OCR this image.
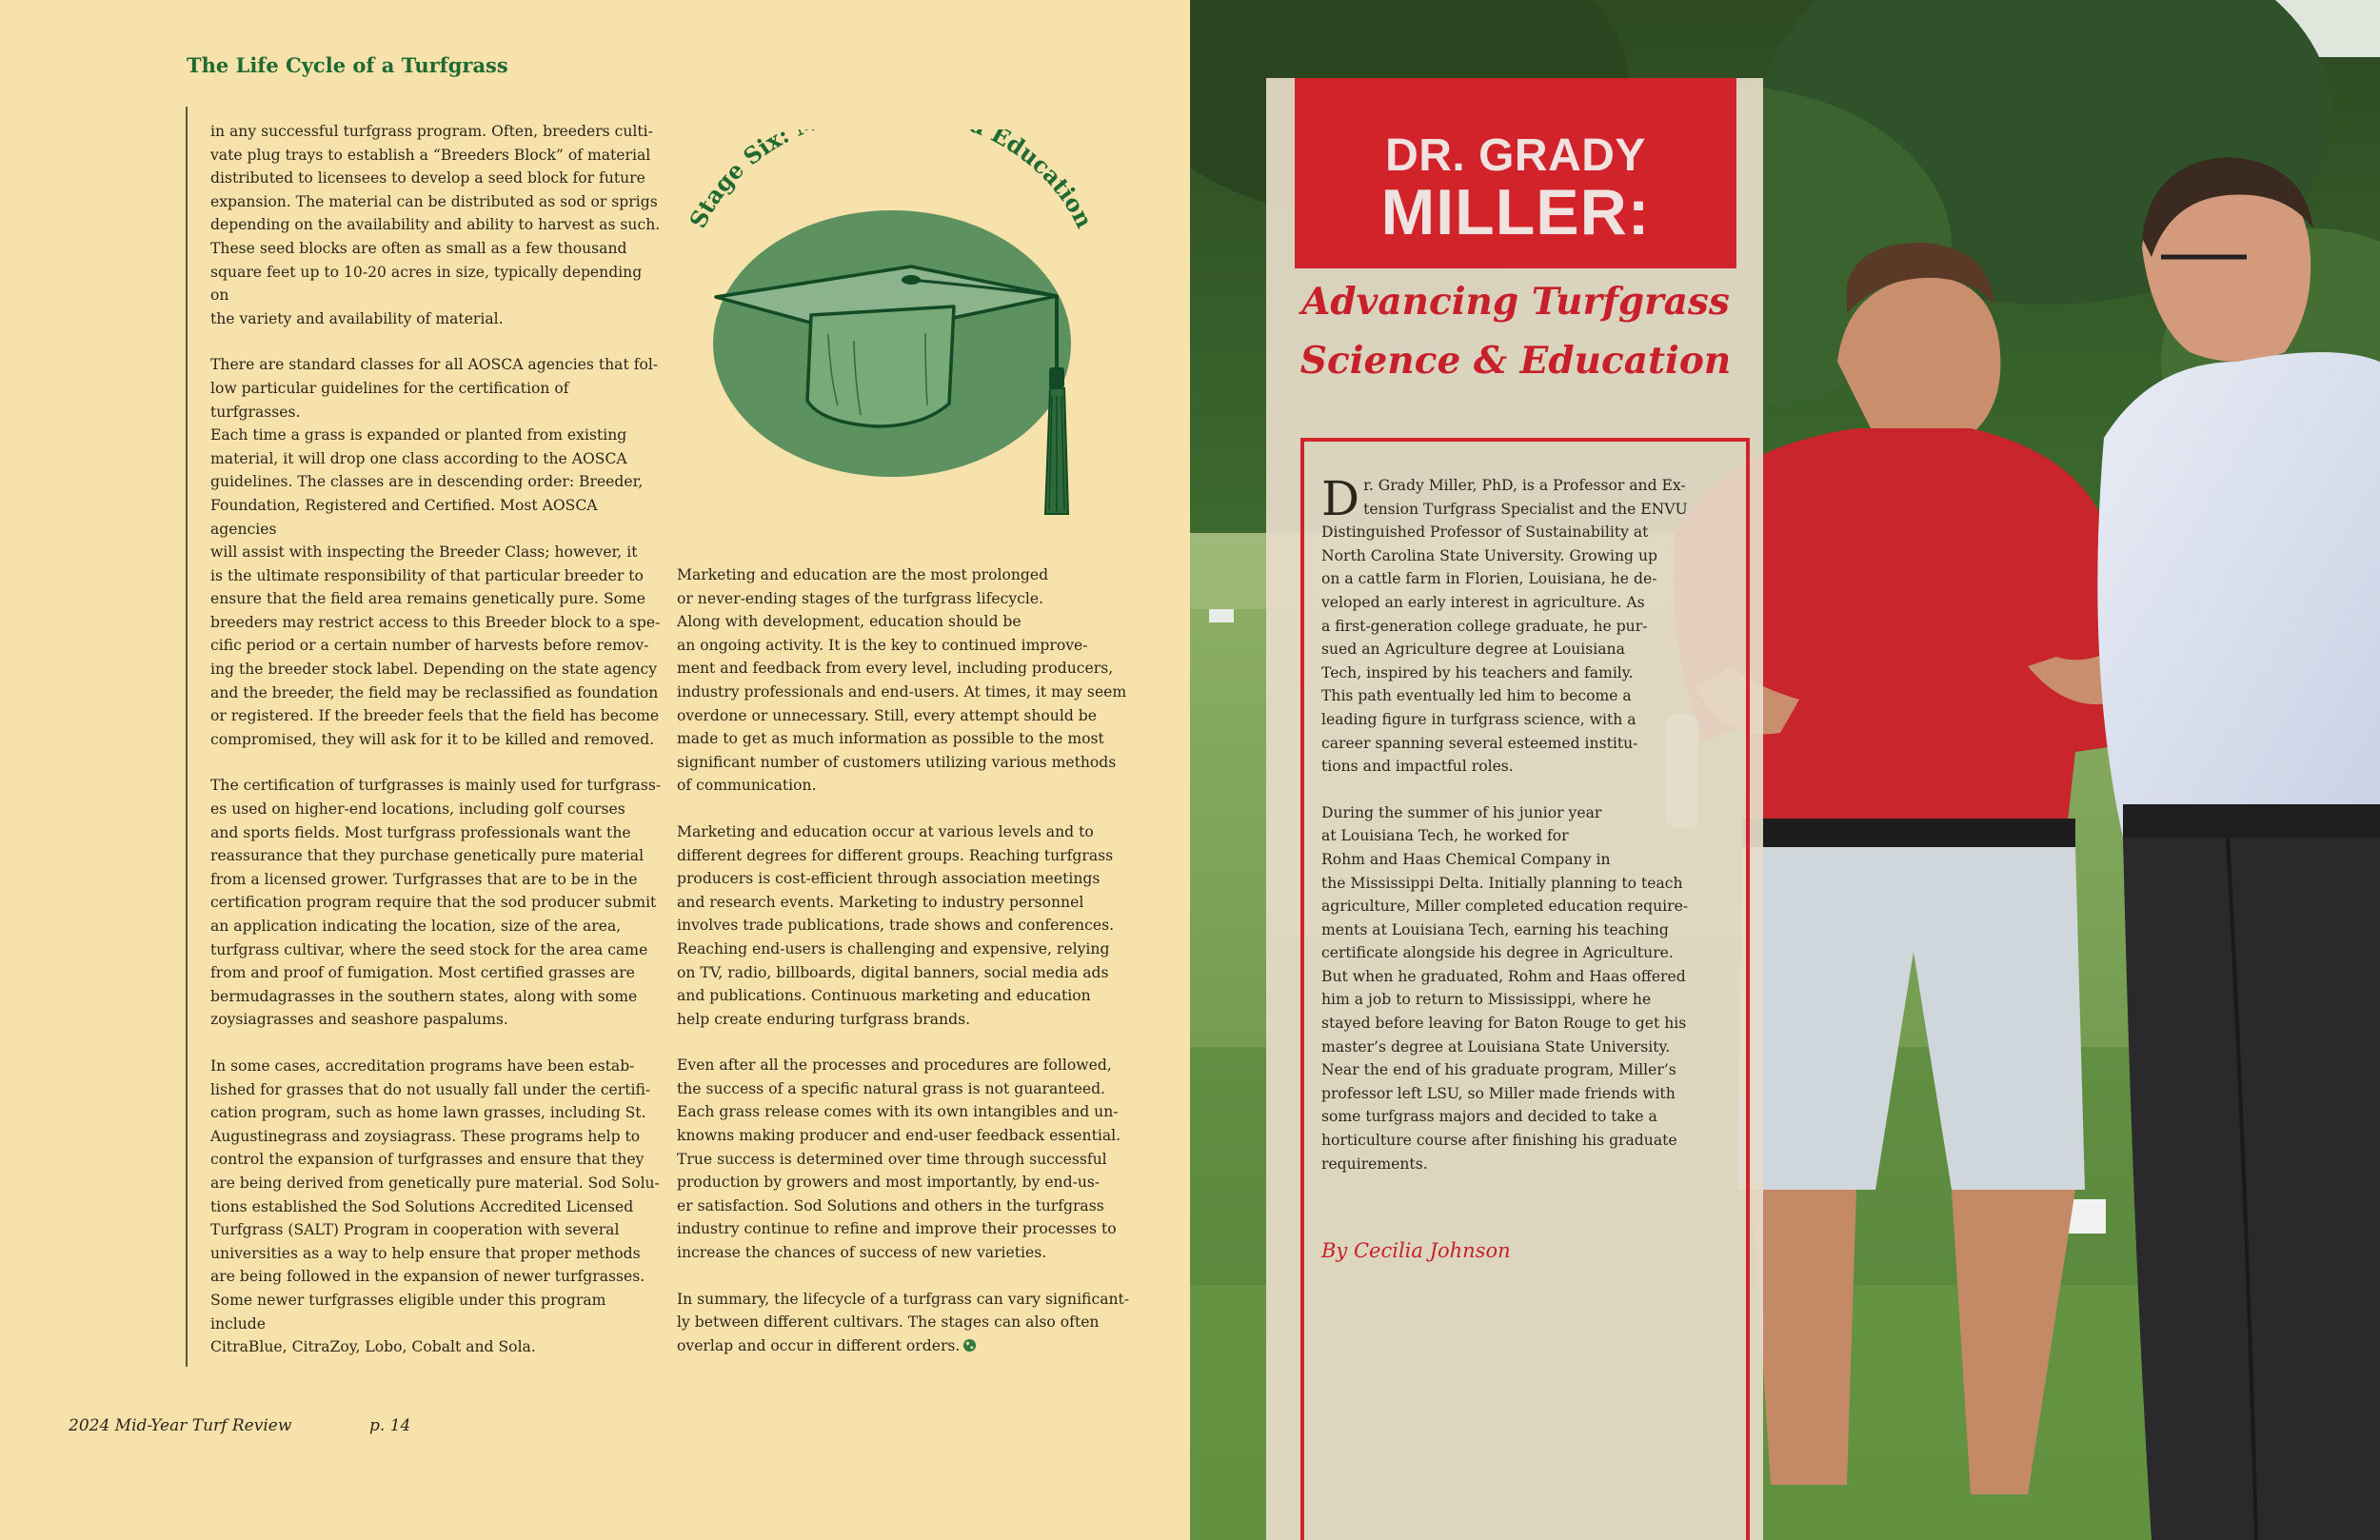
The Life Cycle of a Turfgrass

in any successful turfgrass program. Often, breeders culti-
vate plug trays to establish a “Breeders Block” of material
distributed to licensees to develop a seed block for future
expansion. The material can be distributed as sod or sprigs
depending on the availability and ability to harvest as such.
These seed blocks are often as small as a few thousand
square feet up to 10-20 acres in size, typically depending on
the variety and availability of material.

There are standard classes for all AOSCA agencies that fol-
low particular guidelines for the certification of turfgrasses.
Each time a grass is expanded or planted from existing
material, it will drop one class according to the AOSCA
guidelines. The classes are in descending order: Breeder,
Foundation, Registered and Certified. Most AOSCA agencies
will assist with inspecting the Breeder Class; however, it
is the ultimate responsibility of that particular breeder to
ensure that the field area remains genetically pure. Some
breeders may restrict access to this Breeder block to a spe-
cific period or a certain number of harvests before remov-
ing the breeder stock label. Depending on the state agency
and the breeder, the field may be reclassified as foundation
or registered. If the breeder feels that the field has become
compromised, they will ask for it to be killed and removed.

The certification of turfgrasses is mainly used for turfgrass-
es used on higher-end locations, including golf courses
and sports fields. Most turfgrass professionals want the
reassurance that they purchase genetically pure material
from a licensed grower. Turfgrasses that are to be in the
certification program require that the sod producer submit
an application indicating the location, size of the area,
turfgrass cultivar, where the seed stock for the area came
from and proof of fumigation. Most certified grasses are
bermudagrasses in the southern states, along with some
zoysiagrasses and seashore paspalums.

In some cases, accreditation programs have been estab-
lished for grasses that do not usually fall under the certifi-
cation program, such as home lawn grasses, including St.
Augustinegrass and zoysiagrass. These programs help to
control the expansion of turfgrasses and ensure that they
are being derived from genetically pure material. Sod Solu-
tions established the Sod Solutions Accredited Licensed
Turfgrass (SALT) Program in cooperation with several
universities as a way to help ensure that proper methods
are being followed in the expansion of newer turfgrasses.
Some newer turfgrasses eligible under this program include
CitraBlue, CitraZoy, Lobo, Cobalt and Sola.

Stage Six: Education

Marketing and education are the most prolonged
or never-ending stages of the turfgrass lifecycle.
Along with development, education should be
an ongoing activity. It is the key to continued improve-
ment and feedback from every level, including producers,
industry professionals and end-users. At times, it may seem
overdone or unnecessary. Still, every attempt should be
made to get as much information as possible to the most
significant number of customers utilizing various methods
of communication.

Marketing and education occur at various levels and to
different degrees for different groups. Reaching turfgrass
producers is cost-efficient through association meetings
and research events. Marketing to industry personnel
involves trade publications, trade shows and conferences.
Reaching end-users is challenging and expensive, relying
on TV, radio, billboards, digital banners, social media ads
and publications. Continuous marketing and education
help create enduring turfgrass brands.

Even after all the processes and procedures are followed,
the success of a specific natural grass is not guaranteed.
Each grass release comes with its own intangibles and un-
knowns making producer and end-user feedback essential.
True success is determined over time through successful
production by growers and most importantly, by end-us-
er satisfaction. Sod Solutions and others in the turfgrass
industry continue to refine and improve their processes to
increase the chances of success of new varieties.

In summary, the lifecycle of a turfgrass can vary significant-
ly between different cultivars. The stages can also often
overlap and occur in different orders.

2024 Mid-Year Turf Review	p. 14
DR. GRADY
MILLER:
Advancing Turfgrass
Science & Education

Dr. Grady Miller, PhD, is a Professor and Ex-
tension Turfgrass Specialist and the ENVU
Distinguished Professor of Sustainability at
North Carolina State University. Growing up
on a cattle farm in Florien, Louisiana, he de-
veloped an early interest in agriculture. As
a first-generation college graduate, he pur-
sued an Agriculture degree at Louisiana
Tech, inspired by his teachers and family.
This path eventually led him to become a
leading figure in turfgrass science, with a
career spanning several esteemed institu-
tions and impactful roles.

During the summer of his junior year
at Louisiana Tech, he worked for
Rohm and Haas Chemical Company in
the Mississippi Delta. Initially planning to teach
agriculture, Miller completed education require-
ments at Louisiana Tech, earning his teaching
certificate alongside his degree in Agriculture.
But when he graduated, Rohm and Haas offered
him a job to return to Mississippi, where he
stayed before leaving for Baton Rouge to get his
master’s degree at Louisiana State University.
Near the end of his graduate program, Miller’s
professor left LSU, so Miller made friends with
some turfgrass majors and decided to take a
horticulture course after finishing his graduate
requirements.

By Cecilia Johnson
